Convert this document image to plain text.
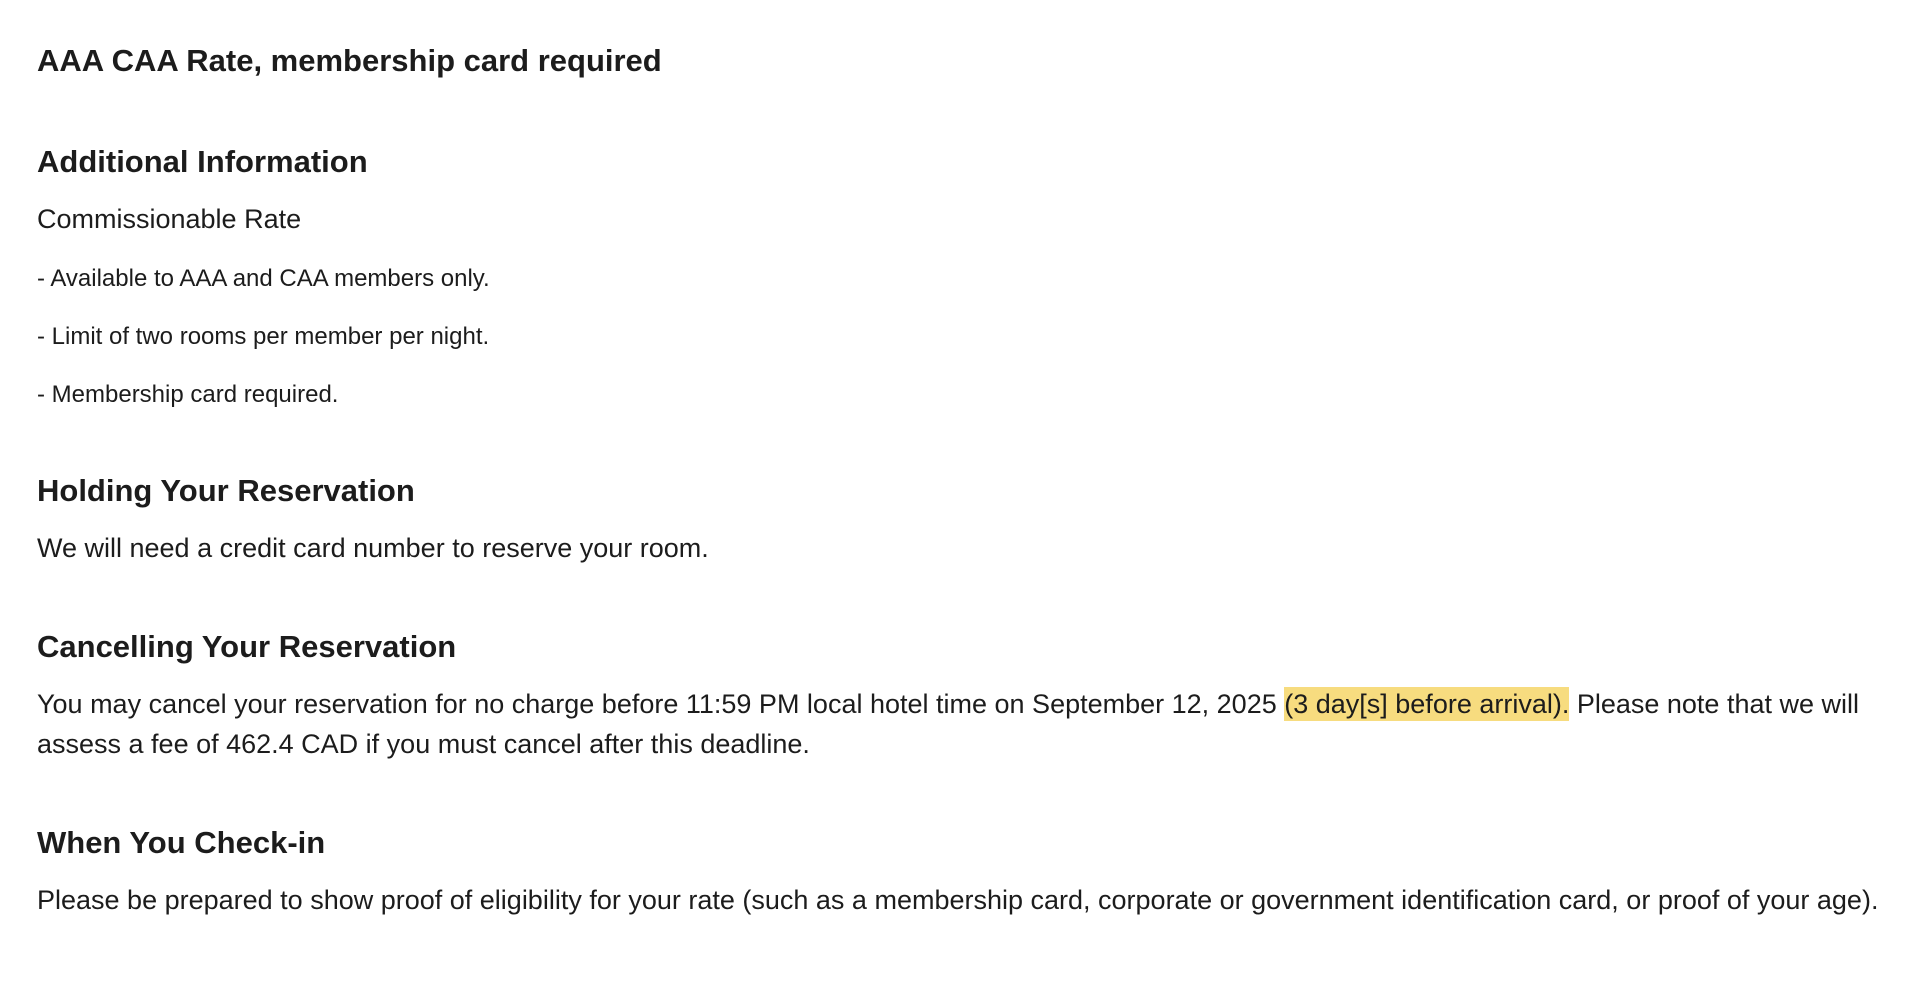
AAA CAA Rate, membership card required
Additional Information

Commissionable Rate

- Available to AAA and CAA members only.

- Limit of two rooms per member per night.

- Membership card required.

Holding Your Reservation

We will need a credit card number to reserve your room.

Cancelling Your Reservation

You may cancel your reservation for no charge before 11:59 PM local hotel time on September 12, 2025 (3 day[s] before arrival). Please note that we will assess a fee of 462.4 CAD if you must cancel after this deadline.

When You Check-in

Please be prepared to show proof of eligibility for your rate (such as a membership card, corporate or government identification card, or proof of your age).
